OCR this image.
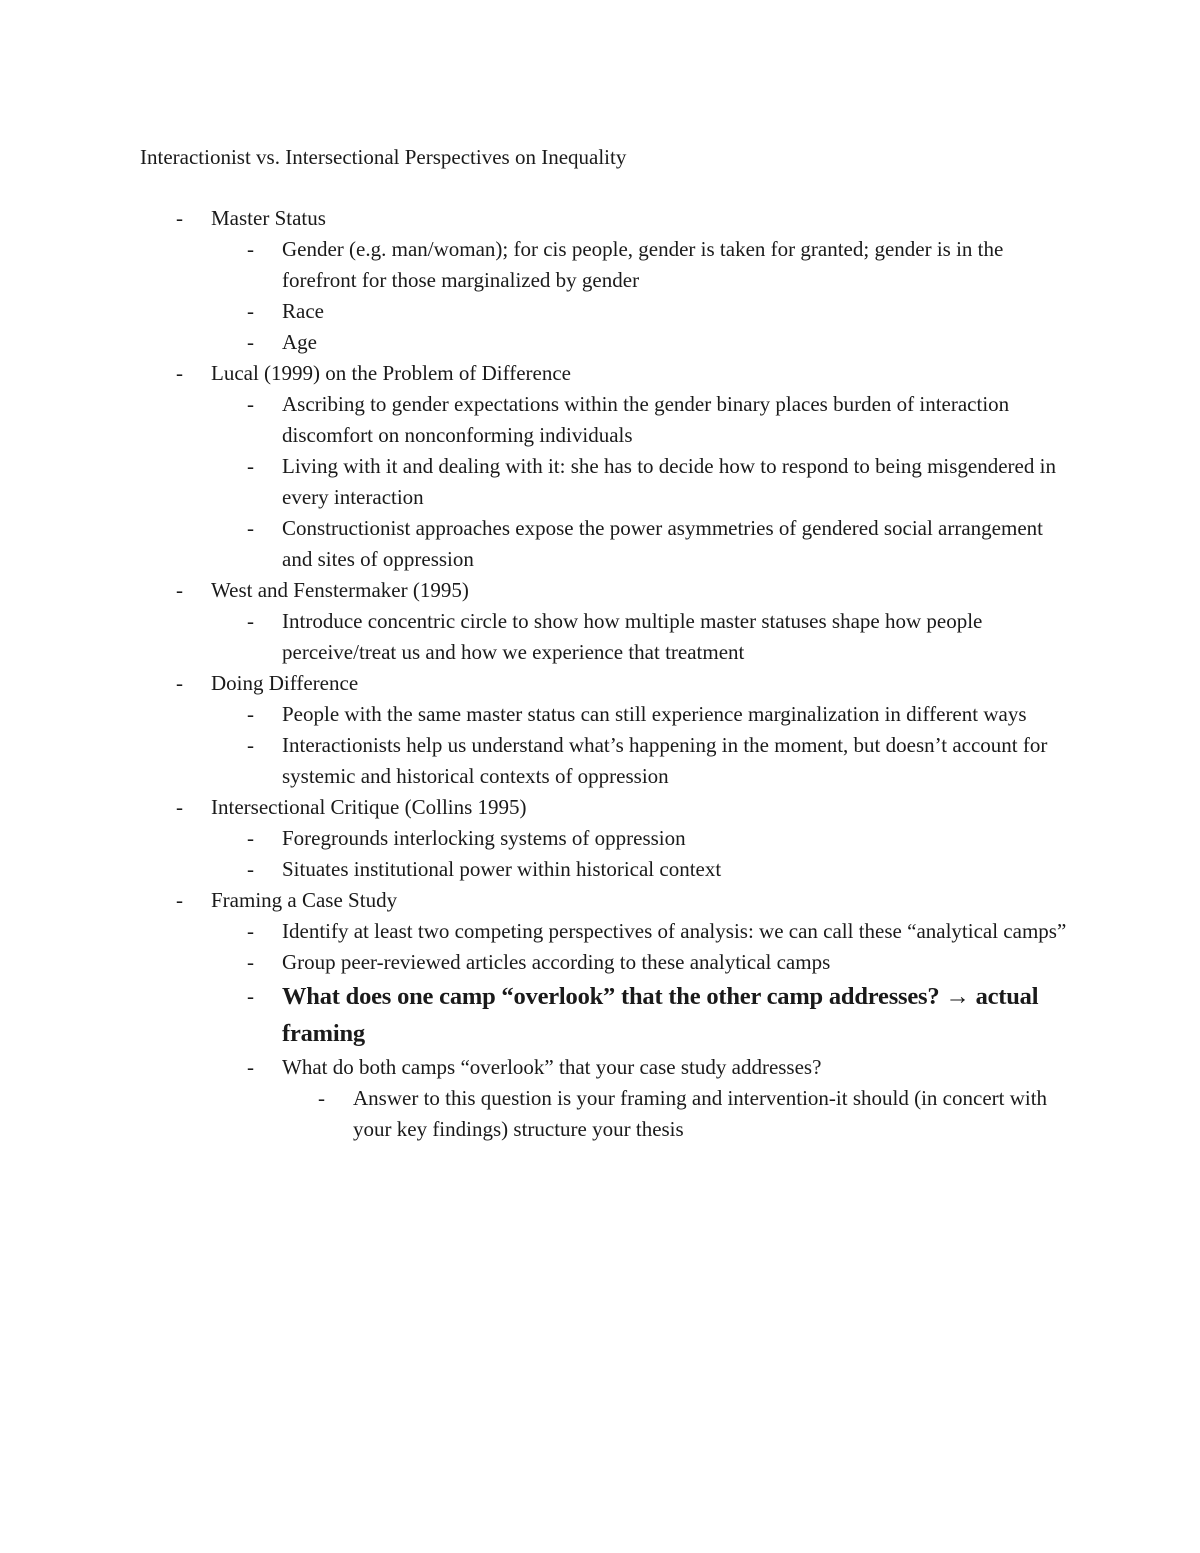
Interactionist vs. Intersectional Perspectives on Inequality
- Master Status
- Gender (e.g. man/woman); for cis people, gender is taken for granted; gender is in the forefront for those marginalized by gender
- Race
- Age
- Lucal (1999) on the Problem of Difference
- Ascribing to gender expectations within the gender binary places burden of interaction discomfort on nonconforming individuals
- Living with it and dealing with it: she has to decide how to respond to being misgendered in every interaction
- Constructionist approaches expose the power asymmetries of gendered social arrangement and sites of oppression
- West and Fenstermaker (1995)
- Introduce concentric circle to show how multiple master statuses shape how people perceive/treat us and how we experience that treatment
- Doing Difference
- People with the same master status can still experience marginalization in different ways
- Interactionists help us understand what’s happening in the moment, but doesn’t account for systemic and historical contexts of oppression
- Intersectional Critique (Collins 1995)
- Foregrounds interlocking systems of oppression
- Situates institutional power within historical context
- Framing a Case Study
- Identify at least two competing perspectives of analysis: we can call these “analytical camps”
- Group peer-reviewed articles according to these analytical camps
- What does one camp “overlook” that the other camp addresses? → actual framing
- What do both camps “overlook” that your case study addresses?
- Answer to this question is your framing and intervention-it should (in concert with your key findings) structure your thesis
